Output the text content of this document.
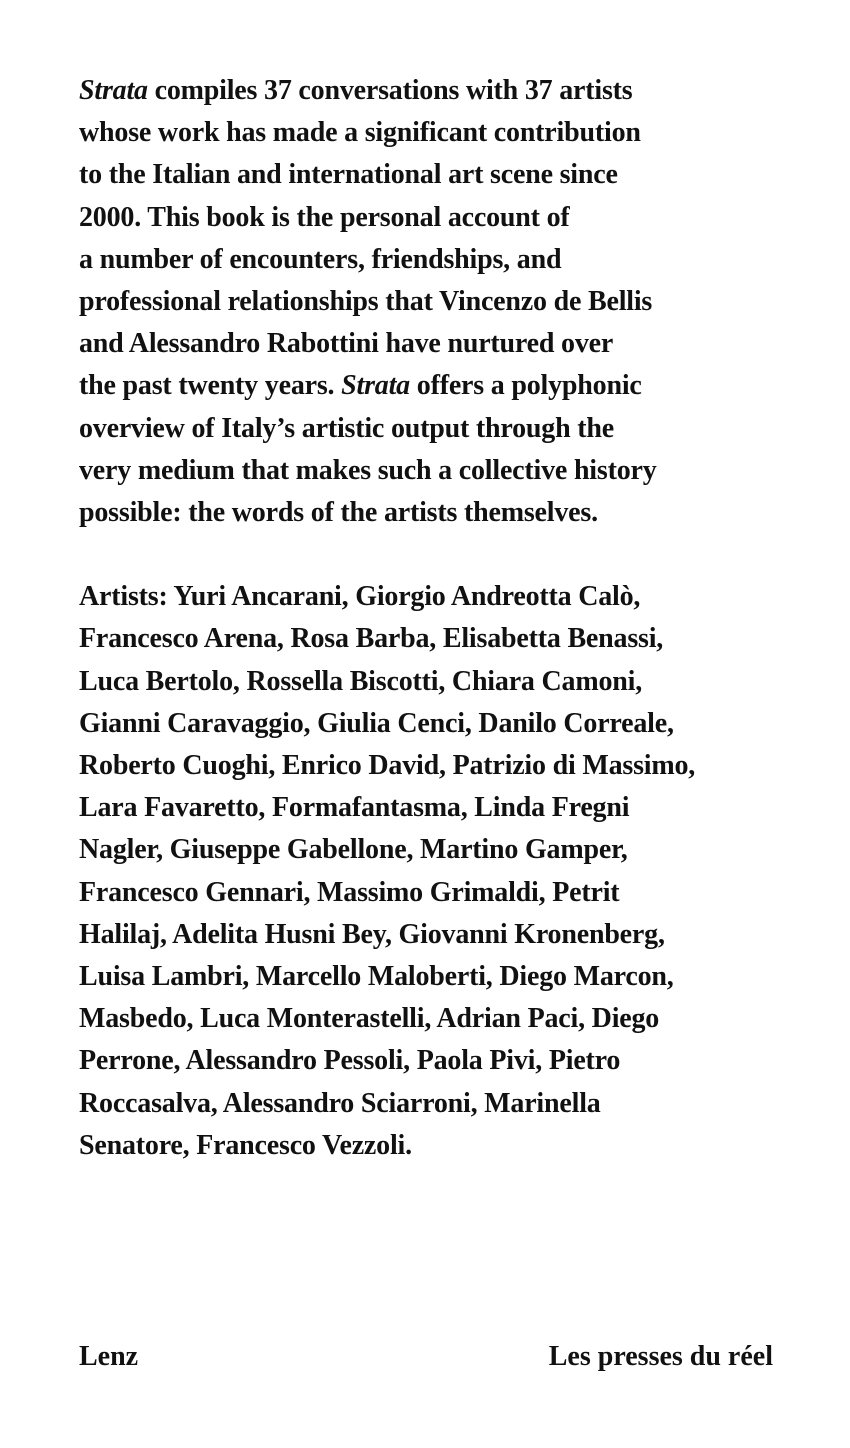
Strata compiles 37 conversations with 37 artists
whose work has made a significant contribution
to the Italian and international art scene since
2000. This book is the personal account of
a number of encounters, friendships, and
professional relationships that Vincenzo de Bellis
and Alessandro Rabottini have nurtured over
the past twenty years. Strata offers a polyphonic
overview of Italy’s artistic output through the
very medium that makes such a collective history
possible: the words of the artists themselves.

Artists: Yuri Ancarani, Giorgio Andreotta Calò,
Francesco Arena, Rosa Barba, Elisabetta Benassi,
Luca Bertolo, Rossella Biscotti, Chiara Camoni,
Gianni Caravaggio, Giulia Cenci, Danilo Correale,
Roberto Cuoghi, Enrico David, Patrizio di Massimo,
Lara Favaretto, Formafantasma, Linda Fregni
Nagler, Giuseppe Gabellone, Martino Gamper,
Francesco Gennari, Massimo Grimaldi, Petrit
Halilaj, Adelita Husni Bey, Giovanni Kronenberg,
Luisa Lambri, Marcello Maloberti, Diego Marcon,
Masbedo, Luca Monterastelli, Adrian Paci, Diego
Perrone, Alessandro Pessoli, Paola Pivi, Pietro
Roccasalva, Alessandro Sciarroni, Marinella
Senatore, Francesco Vezzoli.

Lenz	Les presses du réel
